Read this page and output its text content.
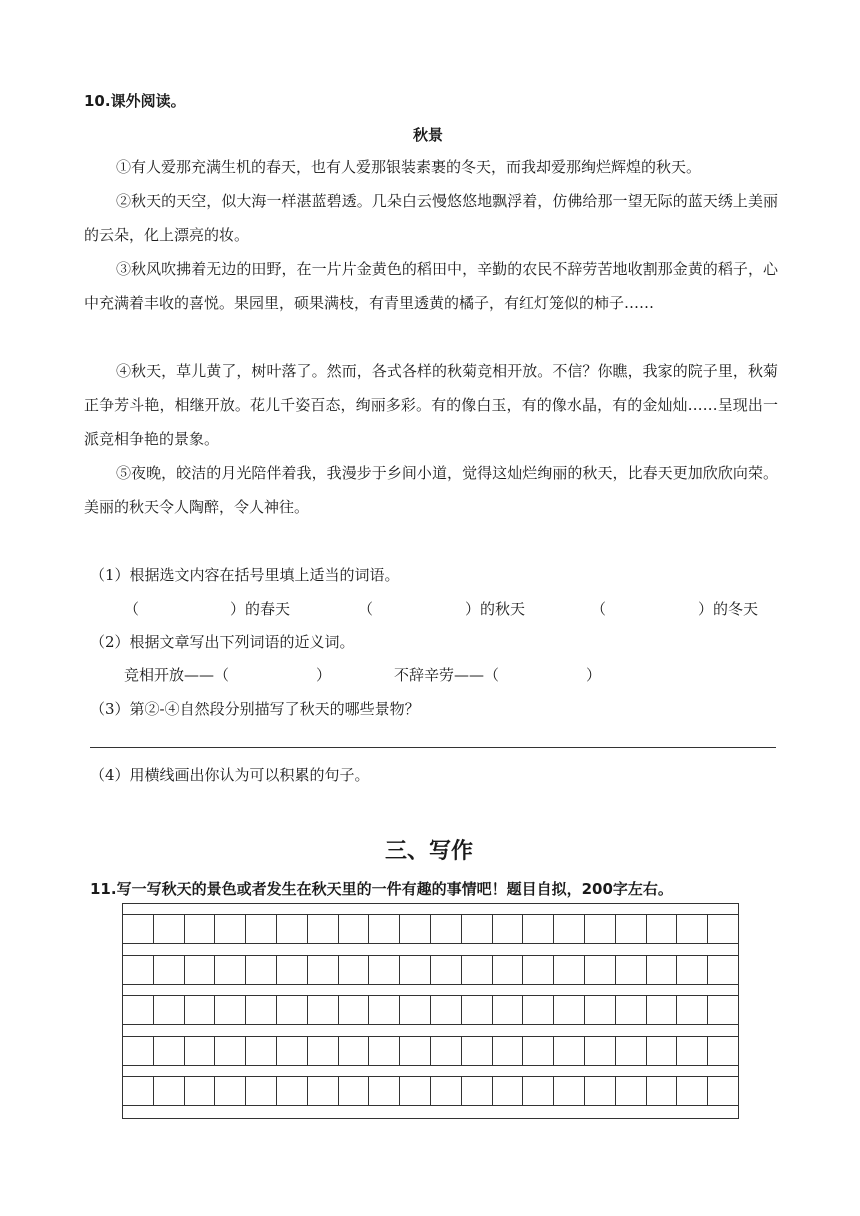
10.课外阅读。
秋景
①有人爱那充满生机的春天，也有人爱那银装素裹的冬天，而我却爱那绚烂辉煌的秋天。
②秋天的天空，似大海一样湛蓝碧透。几朵白云慢悠悠地飘浮着，仿佛给那一望无际的蓝天绣上美丽的云朵，化上漂亮的妆。
③秋风吹拂着无边的田野，在一片片金黄色的稻田中，辛勤的农民不辞劳苦地收割那金黄的稻子，心中充满着丰收的喜悦。果园里，硕果满枝，有青里透黄的橘子，有红灯笼似的柿子……
④秋天，草儿黄了，树叶落了。然而，各式各样的秋菊竞相开放。不信？你瞧，我家的院子里，秋菊正争芳斗艳，相继开放。花儿千姿百态，绚丽多彩。有的像白玉，有的像水晶，有的金灿灿……呈现出一派竞相争艳的景象。
⑤夜晚，皎洁的月光陪伴着我，我漫步于乡间小道，觉得这灿烂绚丽的秋天，比春天更加欣欣向荣。美丽的秋天令人陶醉，令人神往。
（1）根据选文内容在括号里填上适当的词语。
（	）的春天	（	）的秋天	（	）的冬天
（2）根据文章写出下列词语的近义词。
竞相开放——（	）	不辞辛劳——（	）
（3）第②-④自然段分别描写了秋天的哪些景物？
（4）用横线画出你认为可以积累的句子。
三、写作
11.写一写秋天的景色或者发生在秋天里的一件有趣的事情吧！题目自拟，200字左右。
